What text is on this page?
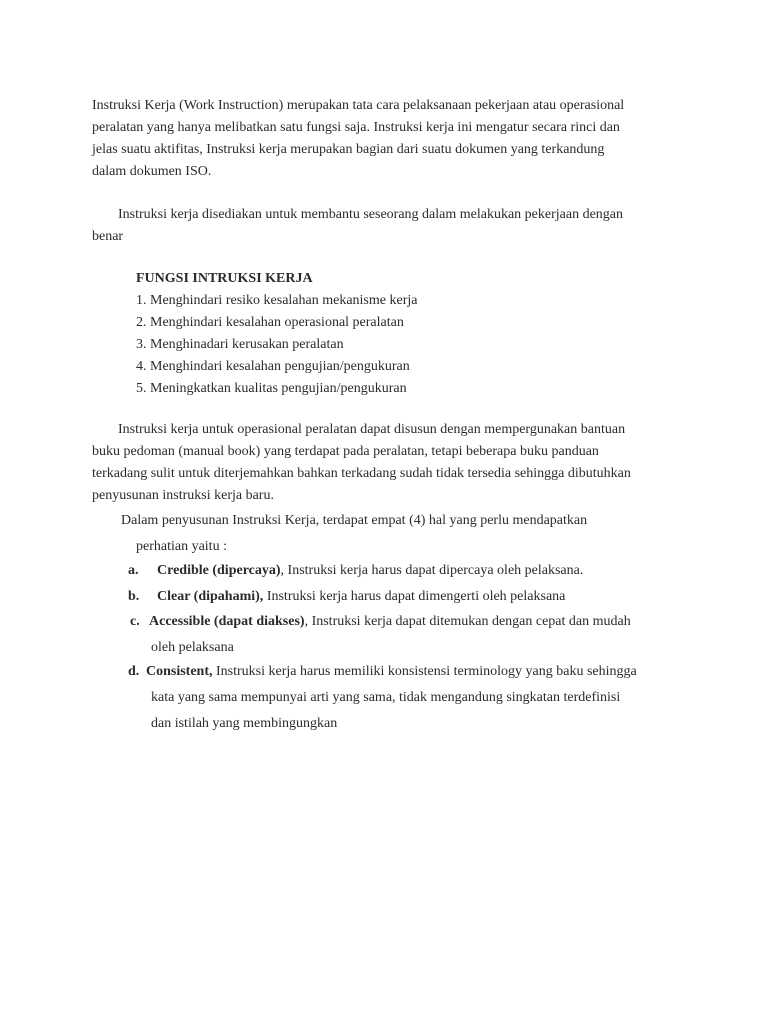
Instruksi Kerja (Work Instruction) merupakan tata cara pelaksanaan pekerjaan atau operasional

peralatan yang hanya melibatkan satu fungsi saja. Instruksi kerja ini mengatur secara rinci dan

jelas suatu aktifitas, Instruksi kerja merupakan bagian dari suatu dokumen yang terkandung

dalam dokumen ISO.

Instruksi kerja disediakan untuk membantu seseorang dalam melakukan pekerjaan dengan

benar

FUNGSI INTRUKSI KERJA

1. Menghindari resiko kesalahan mekanisme kerja

2. Menghindari kesalahan operasional peralatan

3. Menghinadari kerusakan peralatan

4. Menghindari kesalahan pengujian/pengukuran

5. Meningkatkan kualitas pengujian/pengukuran

Instruksi kerja untuk operasional peralatan dapat disusun dengan mempergunakan bantuan

buku pedoman (manual book) yang terdapat pada peralatan, tetapi beberapa buku panduan

terkadang sulit untuk diterjemahkan bahkan terkadang sudah tidak tersedia sehingga dibutuhkan

penyusunan instruksi kerja baru.

Dalam penyusunan Instruksi Kerja, terdapat empat (4) hal yang perlu mendapatkan

perhatian yaitu :

a. Credible (dipercaya), Instruksi kerja harus dapat dipercaya oleh pelaksana.
b. Clear (dipahami), Instruksi kerja harus dapat dimengerti oleh pelaksana
c. Accessible (dapat diakses), Instruksi kerja dapat ditemukan dengan cepat dan mudah
oleh pelaksana
d. Consistent, Instruksi kerja harus memiliki konsistensi terminology yang baku sehingga
kata yang sama mempunyai arti yang sama, tidak mengandung singkatan terdefinisi
dan istilah yang membingungkan
